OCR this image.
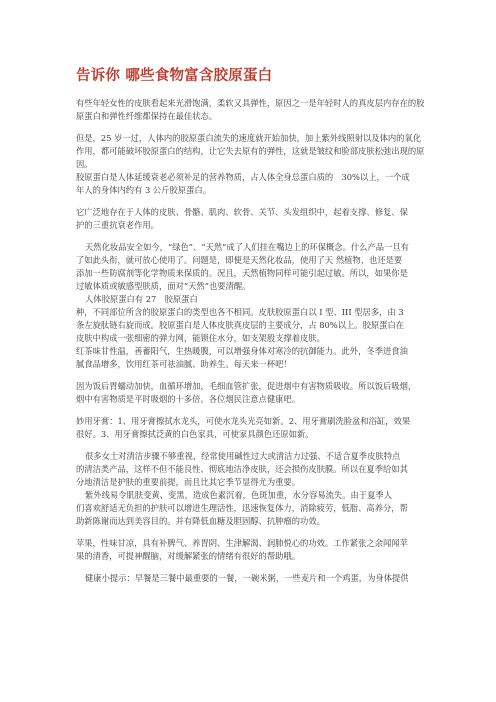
告诉你 哪些食物富含胶原蛋白
有些年轻女性的皮肤看起来光滑饱满，柔软又具弹性，原因之一是年轻时人的真皮层内存在的胶
原蛋白和弹性纤维都保持在最佳状态。
但是，25 岁一过，人体内的胶原蛋白流失的速度就开始加快，加上紫外线照射以及体内的氧化
作用，都可能破坏胶原蛋白的结构，让它失去原有的弹性，这就是皱纹和脸部皮肤松弛出现的原
因。
胶原蛋白是人体延缓衰老必须补足的营养物质，占人体全身总蛋白质的　30%以上，一个成
年人的身体内约有 3 公斤胶原蛋白。
它广泛地存在于人体的皮肤、骨骼、肌肉、软骨、关节、头发组织中，起着支撑、修复、保
护的三重抗衰老作用。
天然化妆品安全如今，“绿色”、“天然”成了人们挂在嘴边上的环保概念。什么产品一旦有
了如此头衔，就可放心使用了。问题是，即便是天然化妆品，使用了天 然植物，也还是要
添加一些防腐剂等化学物质来保质的。况且，天然植物同样可能引起过敏。所以，如果你是
过敏体质或敏感型肤质，面对“天然”也要清醒。
人体胶原蛋白有 27　胶原蛋白
种，不同部位所含的胶原蛋白的类型也各不相同。皮肤胶原蛋白以 I 型、III 型居多，由 3
条左旋肽链右旋而成。胶原蛋白是人体皮肤真皮层的主要成分，占 80%以上。胶原蛋白在
皮肤中构成一张细密的弹力网，能锁住水分，如支架般支撑着皮肤。
红茶味甘性温，善蓄阳气，生热暖腹，可以增强身体对寒冷的抗御能力。此外，冬季进食油
腻食品增多，饮用红茶可祛油腻、助养生。每天来一杯吧！
因为饭后胃蠕动加快，血循环增加，毛细血管扩张，促进烟中有害物质吸收。所以饭后吸烟，
烟中有害物质是平时吸烟的十多倍。各位烟民注意点健康吧。
妙用牙膏：1、用牙膏擦拭水龙头，可使水龙头光亮如新。2、用牙膏刷洗脸盆和浴缸，效果
很好。3、用牙膏擦拭泛黄的白色家具，可使家具颜色还原如新。
很多女士对清洁步骤不够重视，经常使用碱性过大或清洁力过强、不适合夏季皮肤特点
的清洁类产品，这样不但不能良性、彻底地洁净皮肤，还会损伤皮肤膜。所以在夏季给如其
分地清洁是护肤的重要前提，而且比其它季节显得尤为重要。
紫外线易令肌肤变黄、变黑，造成色素沉着，色斑加重，水分容易流失。由于夏季人
们喜欢舒适无负担的护肤可以增进生理活性，迅速恢复体力，消除疲劳，低脂、高养分，帮
助新陈谢而达到美容目的。并有降低血糖及胆固醇、抗肿瘤的功效。
苹果，性味甘凉，具有补脾气、养胃阴、生津解渴、润肺悦心的功效。工作紧张之余闻闻苹
果的清香，可提神醒脑，对缓解紧张的情绪有很好的帮助哦。
健康小提示：早餐是三餐中最重要的一餐，一碗米粥，一些麦片和一个鸡蛋，为身体提供
